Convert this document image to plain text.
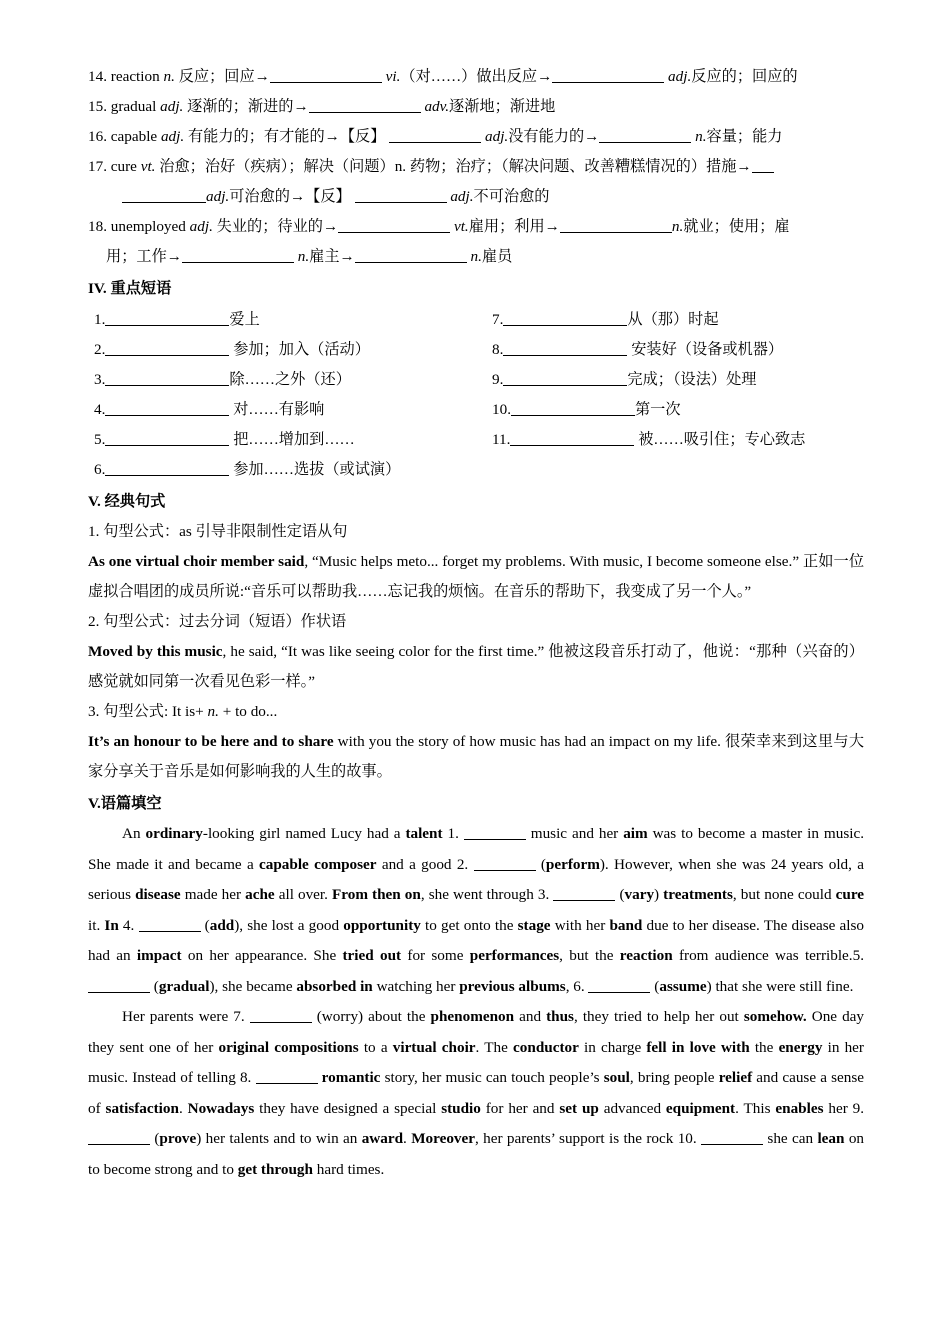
14. reaction n. 反应；回应→	vi.（对……）做出反应→	adj.反应的；回应的
15. gradual adj. 逐渐的；渐进的→	adv.逐渐地；渐进地
16. capable adj. 有能力的；有才能的→【反】	adj.没有能力的→	n.容量；能力
17. cure vt. 治愈；治好（疾病）；解决（问题）n. 药物；治疗；（解决问题、改善糟糕情况的）措施→
adj.可治愈的→【反】	adj.不可治愈的
18. unemployed adj. 失业的；待业的→	vt.雇用；利用→	n.就业；使用；雇
用；工作→	n.雇主→	n.雇员
IV. 重点短语
1.	爱上
2.	参加；加入（活动）
3.	除……之外（还）
4.	对……有影响
5.	把……增加到……
6.	参加……选拔（或试演）
7.	从（那）时起
8.	安装好（设备或机器）
9.	完成；（设法）处理
10.	第一次
11.	被……吸引住；专心致志
V. 经典句式
1. 句型公式：as 引导非限制性定语从句
As one virtual choir member said, “Music helps meto... forget my problems. With music, I become someone else.” 正如一位虚拟合唱团的成员所说:“音乐可以帮助我……忘记我的烦恼。在音乐的帮助下，我变成了另一个人。”
2. 句型公式：过去分词（短语）作状语
Moved by this music, he said, “It was like seeing color for the first time.” 他被这段音乐打动了，他说：“那种（兴奋的）感觉就如同第一次看见色彩一样。”
3. 句型公式: It is+ n. + to do...
It’s an honour to be here and to share with you the story of how music has had an impact on my life. 很荣幸来到这里与大家分享关于音乐是如何影响我的人生的故事。
V.语篇填空
An ordinary-looking girl named Lucy had a talent 1.	music and her aim was to become a master in music. She made it and became a capable composer and a good 2.	(perform). However, when she was 24 years old, a serious disease made her ache all over. From then on, she went through 3.	(vary) treatments, but none could cure it. In 4.	(add), she lost a good opportunity to get onto the stage with her band due to her disease. The disease also had an impact on her appearance. She tried out for some performances, but the reaction from audience was terrible.5.  (gradual), she became absorbed in watching her previous albums, 6.	(assume) that she were still fine.
Her parents were 7.	(worry) about the phenomenon and thus, they tried to help her out somehow. One day they sent one of her original compositions to a virtual choir. The conductor in charge fell in love with the energy in her music. Instead of telling 8.	romantic story, her music can touch people’s soul, bring people relief and cause a sense of satisfaction. Nowadays they have designed a special studio for her and set up advanced equipment. This enables her 9.  (prove) her talents and to win an award. Moreover, her parents’ support is the rock 10.	she can lean on to become strong and to get through hard times.
